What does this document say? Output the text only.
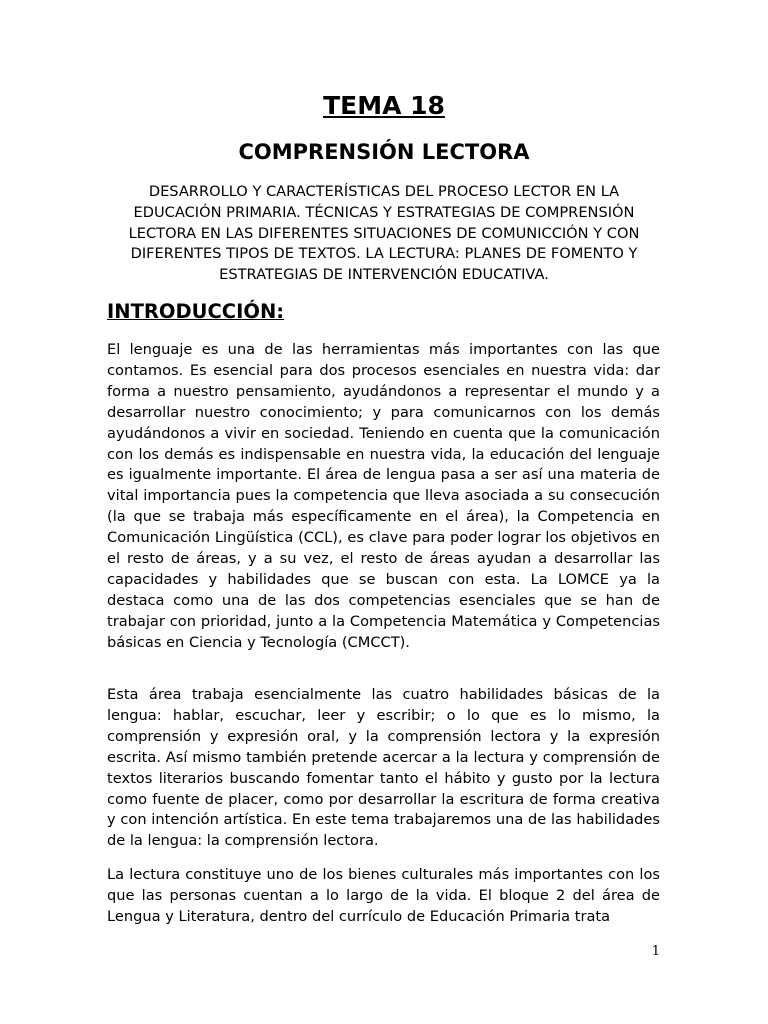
TEMA 18
COMPRENSIÓN LECTORA

DESARROLLO Y CARACTERÍSTICAS DEL PROCESO LECTOR EN LA EDUCACIÓN PRIMARIA. TÉCNICAS Y ESTRATEGIAS DE COMPRENSIÓN LECTORA EN LAS DIFERENTES SITUACIONES DE COMUNICCIÓN Y CON DIFERENTES TIPOS DE TEXTOS. LA LECTURA: PLANES DE FOMENTO Y ESTRATEGIAS DE INTERVENCIÓN EDUCATIVA.

INTRODUCCIÓN:

El lenguaje es una de las herramientas más importantes con las que contamos. Es esencial para dos procesos esenciales en nuestra vida: dar forma a nuestro pensamiento, ayudándonos a representar el mundo y a desarrollar nuestro conocimiento; y para comunicarnos con los demás ayudándonos a vivir en sociedad. Teniendo en cuenta que la comunicación con los demás es indispensable en nuestra vida, la educación del lenguaje es igualmente importante. El área de lengua pasa a ser así una materia de vital importancia pues la competencia que lleva asociada a su consecución (la que se trabaja más específicamente en el área), la Competencia en Comunicación Lingüística (CCL), es clave para poder lograr los objetivos en el resto de áreas, y a su vez, el resto de áreas ayudan a desarrollar las capacidades y habilidades que se buscan con esta. La LOMCE ya la destaca como una de las dos competencias esenciales que se han de trabajar con prioridad, junto a la Competencia Matemática y Competencias básicas en Ciencia y Tecnología (CMCCT).

Esta área trabaja esencialmente las cuatro habilidades básicas de la lengua: hablar, escuchar, leer y escribir; o lo que es lo mismo, la comprensión y expresión oral, y la comprensión lectora y la expresión escrita. Así mismo también pretende acercar a la lectura y comprensión de textos literarios buscando fomentar tanto el hábito y gusto por la lectura como fuente de placer, como por desarrollar la escritura de forma creativa y con intención artística. En este tema trabajaremos una de las habilidades de la lengua: la comprensión lectora.

La lectura constituye uno de los bienes culturales más importantes con los que las personas cuentan a lo largo de la vida. El bloque 2 del área de Lengua y Literatura, dentro del currículo de Educación Primaria trata

1
